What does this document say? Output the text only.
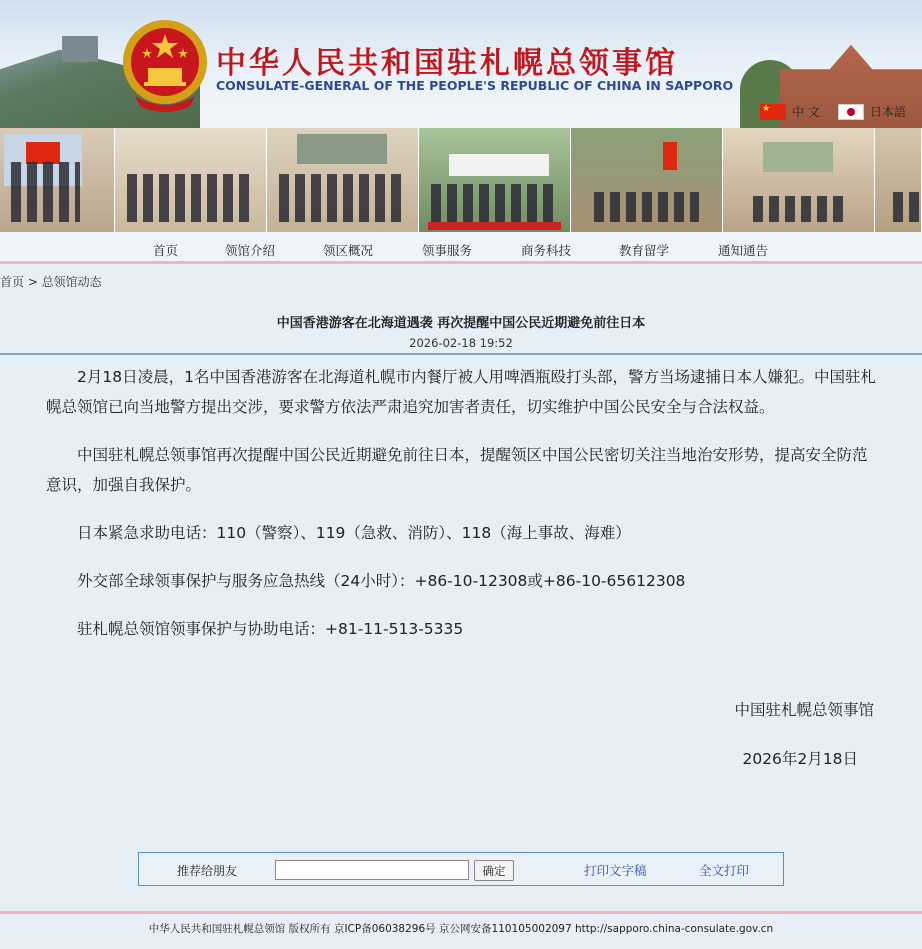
中华人民共和国驻札幌总领事馆
CONSULATE-GENERAL OF THE PEOPLE'S REPUBLIC OF CHINA IN SAPPORO
★
中 文	日本語
首页	领馆介绍	领区概况	领事服务	商务科技	教育留学	通知通告
首页 > 总领馆动态
中国香港游客在北海道遇袭 再次提醒中国公民近期避免前往日本
2026-02-18 19:52

2月18日凌晨，1名中国香港游客在北海道札幌市内餐厅被人用啤酒瓶殴打头部，警方当场逮捕日本人嫌犯。中国驻札幌总领馆已向当地警方提出交涉，要求警方依法严肃追究加害者责任，切实维护中国公民安全与合法权益。

中国驻札幌总领事馆再次提醒中国公民近期避免前往日本，提醒领区中国公民密切关注当地治安形势，提高安全防范意识，加强自我保护。

日本紧急求助电话：110（警察）、119（急救、消防）、118（海上事故、海难）

外交部全球领事保护与服务应急热线（24小时）：+86-10-12308或+86-10-65612308

驻札幌总领馆领事保护与协助电话：+81-11-513-5335

中国驻札幌总领事馆
2026年2月18日
推荐给朋友	确定	打印文字稿	全文打印
中华人民共和国驻札幌总领馆 版权所有 京ICP备06038296号 京公网安备110105002097 http://sapporo.china-consulate.gov.cn
